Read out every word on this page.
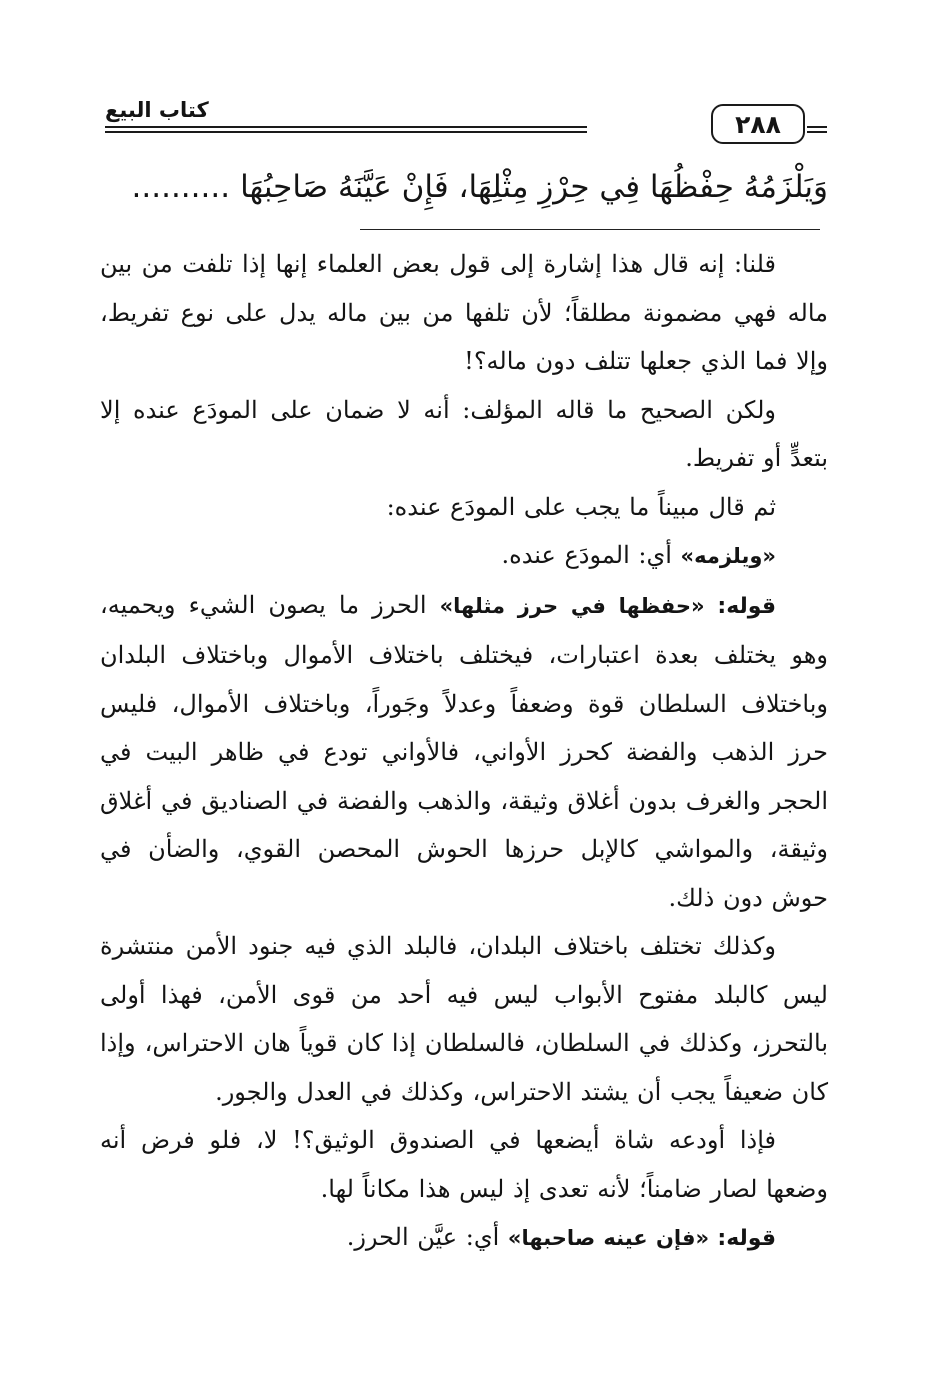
٢٨٨
كتاب البيع
وَيَلْزَمُهُ حِفْظُهَا فِي حِرْزِ مِثْلِهَا، فَإِنْ عَيَّنَهُ صَاحِبُهَا..........

قلنا: إنه قال هذا إشارة إلى قول بعض العلماء إنها إذا تلفت من بين ماله فهي مضمونة مطلقاً؛ لأن تلفها من بين ماله يدل على نوع تفريط، وإلا فما الذي جعلها تتلف دون ماله؟!

ولكن الصحيح ما قاله المؤلف: أنه لا ضمان على المودَع عنده إلا بتعدٍّ أو تفريط.

ثم قال مبيناً ما يجب على المودَع عنده:

«ويلزمه» أي: المودَع عنده.

قوله: «حفظها في حرز مثلها» الحرز ما يصون الشيء ويحميه، وهو يختلف بعدة اعتبارات، فيختلف باختلاف الأموال وباختلاف البلدان وباختلاف السلطان قوة وضعفاً وعدلاً وجَوراً، وباختلاف الأموال، فليس حرز الذهب والفضة كحرز الأواني، فالأواني تودع في ظاهر البيت في الحجر والغرف بدون أغلاق وثيقة، والذهب والفضة في الصناديق في أغلاق وثيقة، والمواشي كالإبل حرزها الحوش المحصن القوي، والضأن في حوش دون ذلك.

وكذلك تختلف باختلاف البلدان، فالبلد الذي فيه جنود الأمن منتشرة ليس كالبلد مفتوح الأبواب ليس فيه أحد من قوى الأمن، فهذا أولى بالتحرز، وكذلك في السلطان، فالسلطان إذا كان قوياً هان الاحتراس، وإذا كان ضعيفاً يجب أن يشتد الاحتراس، وكذلك في العدل والجور.

فإذا أودعه شاة أيضعها في الصندوق الوثيق؟! لا، فلو فرض أنه وضعها لصار ضامناً؛ لأنه تعدى إذ ليس هذا مكاناً لها.

قوله: «فإن عينه صاحبها» أي: عيَّن الحرز.
